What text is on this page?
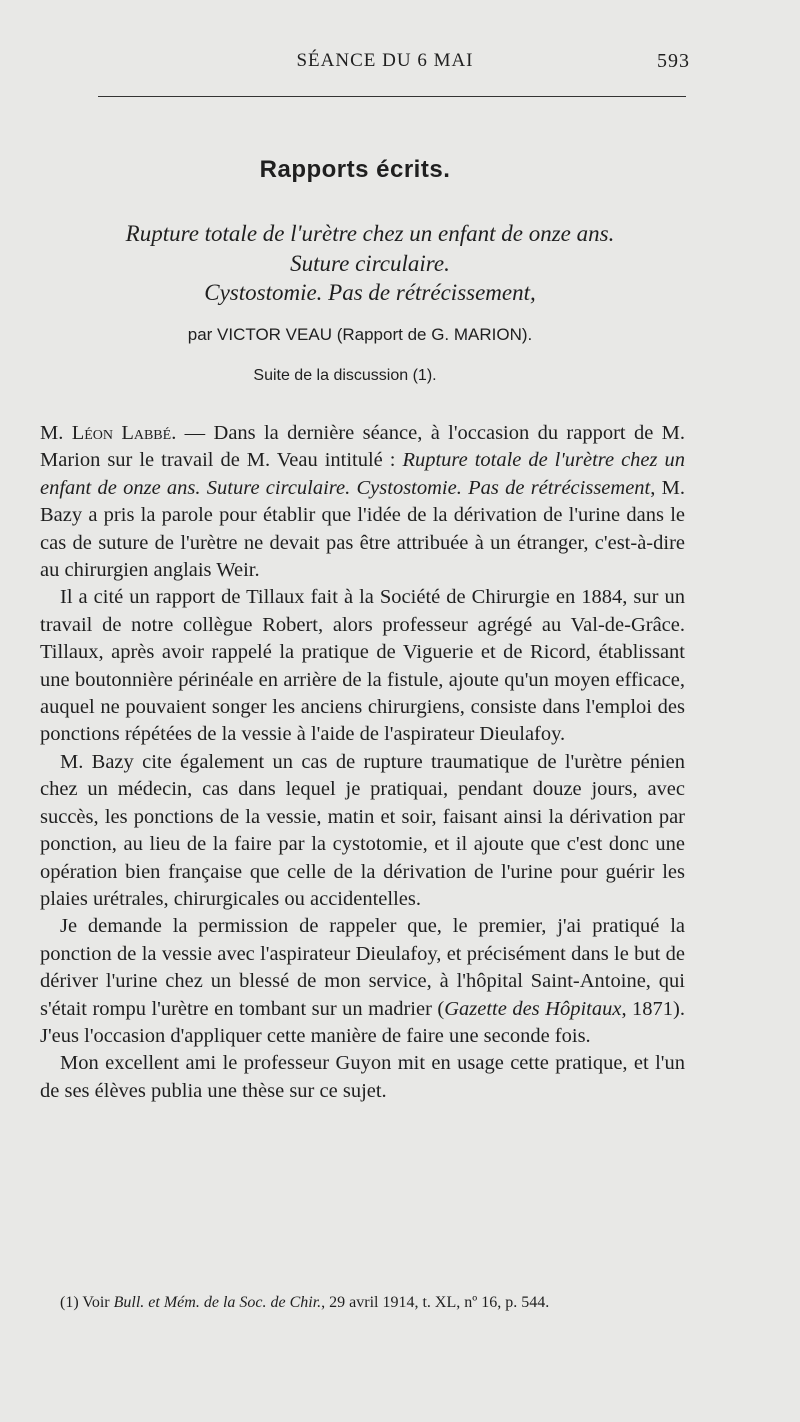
SÉANCE DU 6 MAI	593
Rapports écrits.
Rupture totale de l'urètre chez un enfant de onze ans.
Suture circulaire.
Cystostomie. Pas de rétrécissement,
par VICTOR VEAU (Rapport de G. MARION).
Suite de la discussion (1).

M. Léon Labbé. — Dans la dernière séance, à l'occasion du rapport de M. Marion sur le travail de M. Veau intitulé : Rupture totale de l'urètre chez un enfant de onze ans. Suture circulaire. Cystostomie. Pas de rétrécissement, M. Bazy a pris la parole pour établir que l'idée de la dérivation de l'urine dans le cas de suture de l'urètre ne devait pas être attribuée à un étranger, c'est-à-dire au chirurgien anglais Weir.

Il a cité un rapport de Tillaux fait à la Société de Chirurgie en 1884, sur un travail de notre collègue Robert, alors professeur agrégé au Val-de-Grâce. Tillaux, après avoir rappelé la pratique de Viguerie et de Ricord, établissant une boutonnière périnéale en arrière de la fistule, ajoute qu'un moyen efficace, auquel ne pouvaient songer les anciens chirurgiens, consiste dans l'emploi des ponctions répétées de la vessie à l'aide de l'aspirateur Dieulafoy.

M. Bazy cite également un cas de rupture traumatique de l'urètre pénien chez un médecin, cas dans lequel je pratiquai, pendant douze jours, avec succès, les ponctions de la vessie, matin et soir, faisant ainsi la dérivation par ponction, au lieu de la faire par la cystotomie, et il ajoute que c'est donc une opération bien française que celle de la dérivation de l'urine pour guérir les plaies urétrales, chirurgicales ou accidentelles.

Je demande la permission de rappeler que, le premier, j'ai pratiqué la ponction de la vessie avec l'aspirateur Dieulafoy, et précisément dans le but de dériver l'urine chez un blessé de mon service, à l'hôpital Saint-Antoine, qui s'était rompu l'urètre en tombant sur un madrier (Gazette des Hôpitaux, 1871). J'eus l'occasion d'appliquer cette manière de faire une seconde fois.

Mon excellent ami le professeur Guyon mit en usage cette pratique, et l'un de ses élèves publia une thèse sur ce sujet.

(1) Voir Bull. et Mém. de la Soc. de Chir., 29 avril 1914, t. XL, nº 16, p. 544.
